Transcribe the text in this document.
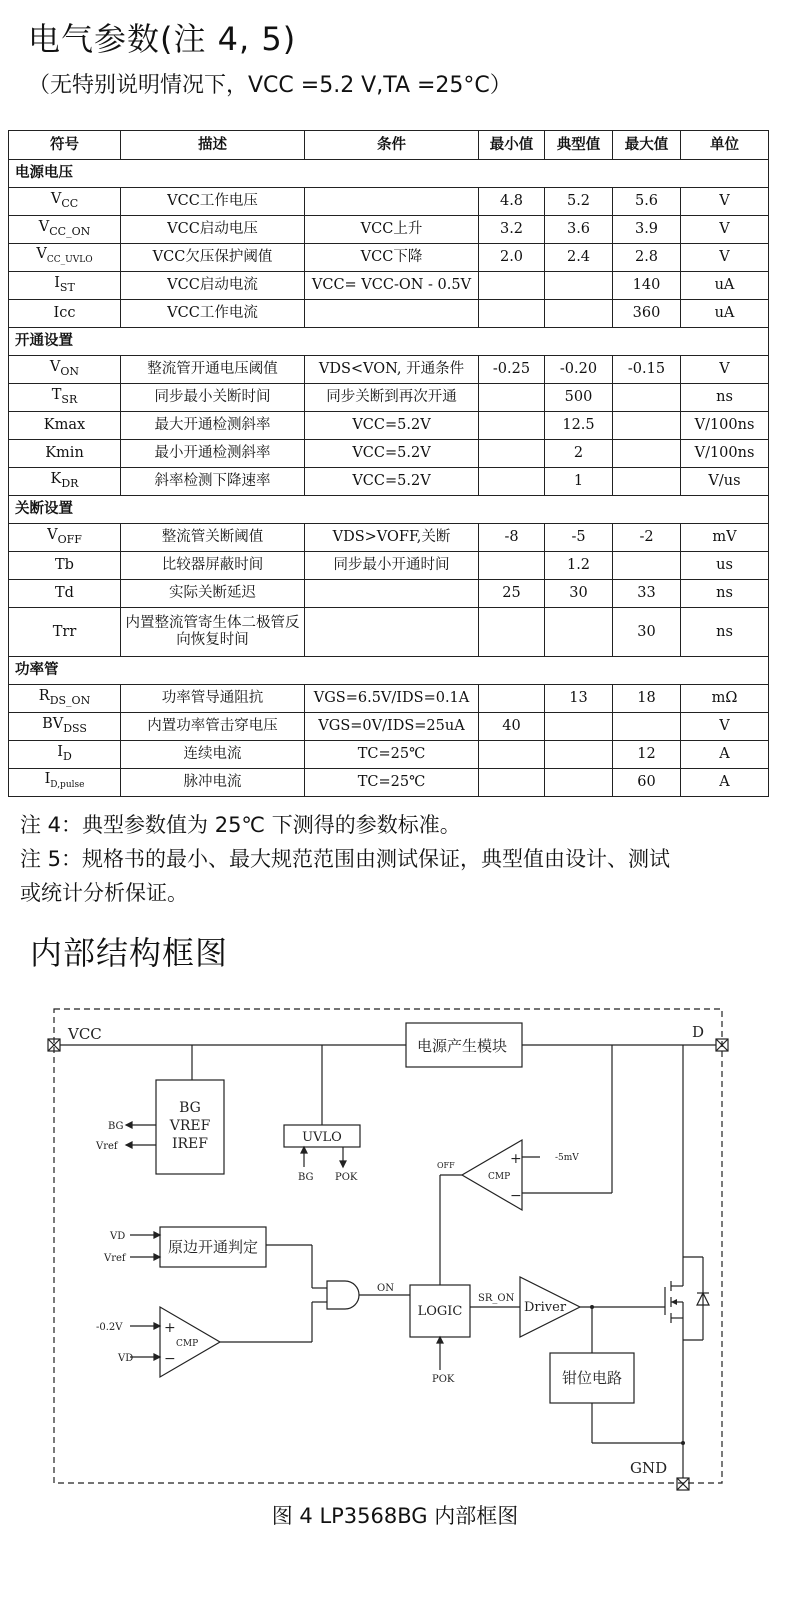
电气参数(注 4, 5)
（无特别说明情况下，VCC =5.2 V,TA =25°C）
符号	描述	条件	最小值	典型值	最大值	单位
电源电压						
$V_{CC}$	VCC工作电压		4.8	5.2	5.6	V
$V_{CC\_ON}$	VCC启动电压	VCC上升	3.2	3.6	3.9	V
$V_{CC\_UVLO}$	VCC欠压保护阈值	VCC下降	2.0	2.4	2.8	V
$I_{ST}$	VCC启动电流	VCC= VCC-ON - 0.5V			140	uA
Icc	VCC工作电流				360	uA
开通设置						
$V_{ON}$	整流管开通电压阈值	VDS<VON, 开通条件	-0.25	-0.20	-0.15	V
$T_{SR}$	同步最小关断时间	同步关断到再次开通		500		ns
Kmax	最大开通检测斜率	VCC=5.2V		12.5		V/100ns
Kmin	最小开通检测斜率	VCC=5.2V		2		V/100ns
$K_{DR}$	斜率检测下降速率	VCC=5.2V		1		V/us
关断设置						
$V_{OFF}$	整流管关断阈值	VDS>VOFF,关断	-8	-5	-2	mV
Tb	比较器屏蔽时间	同步最小开通时间		1.2		us
Td	实际关断延迟		25	30	33	ns
Trr	内置整流管寄生体二极管反向恢复时间				30	ns
功率管						
$R_{DS\_ON}$	功率管导通阻抗	VGS=6.5V/IDS=0.1A		13	18	mΩ
$BV_{DSS}$	内置功率管击穿电压	VGS=0V/IDS=25uA	40			V
$I_D$	连续电流	TC=25℃			12	A
$I_{D,pulse}$	脉冲电流	TC=25℃			60	A
注 4：典型参数值为 25℃ 下测得的参数标准。
注 5：规格书的最小、最大规范范围由测试保证，典型值由设计、测试
或统计分析保证。
内部结构框图
VCC	D
GND
电源产生模块
BG
VREF
IREF
BG
Vref
UVLO
BG POK
+
−
CMP
-5mV
OFF
原边开通判定
VD
Vref
+
−
CMP
-0.2V
VD
ON
LOGIC
POK
SR_ON
Driver
钳位电路
图 4 LP3568BG 内部框图
